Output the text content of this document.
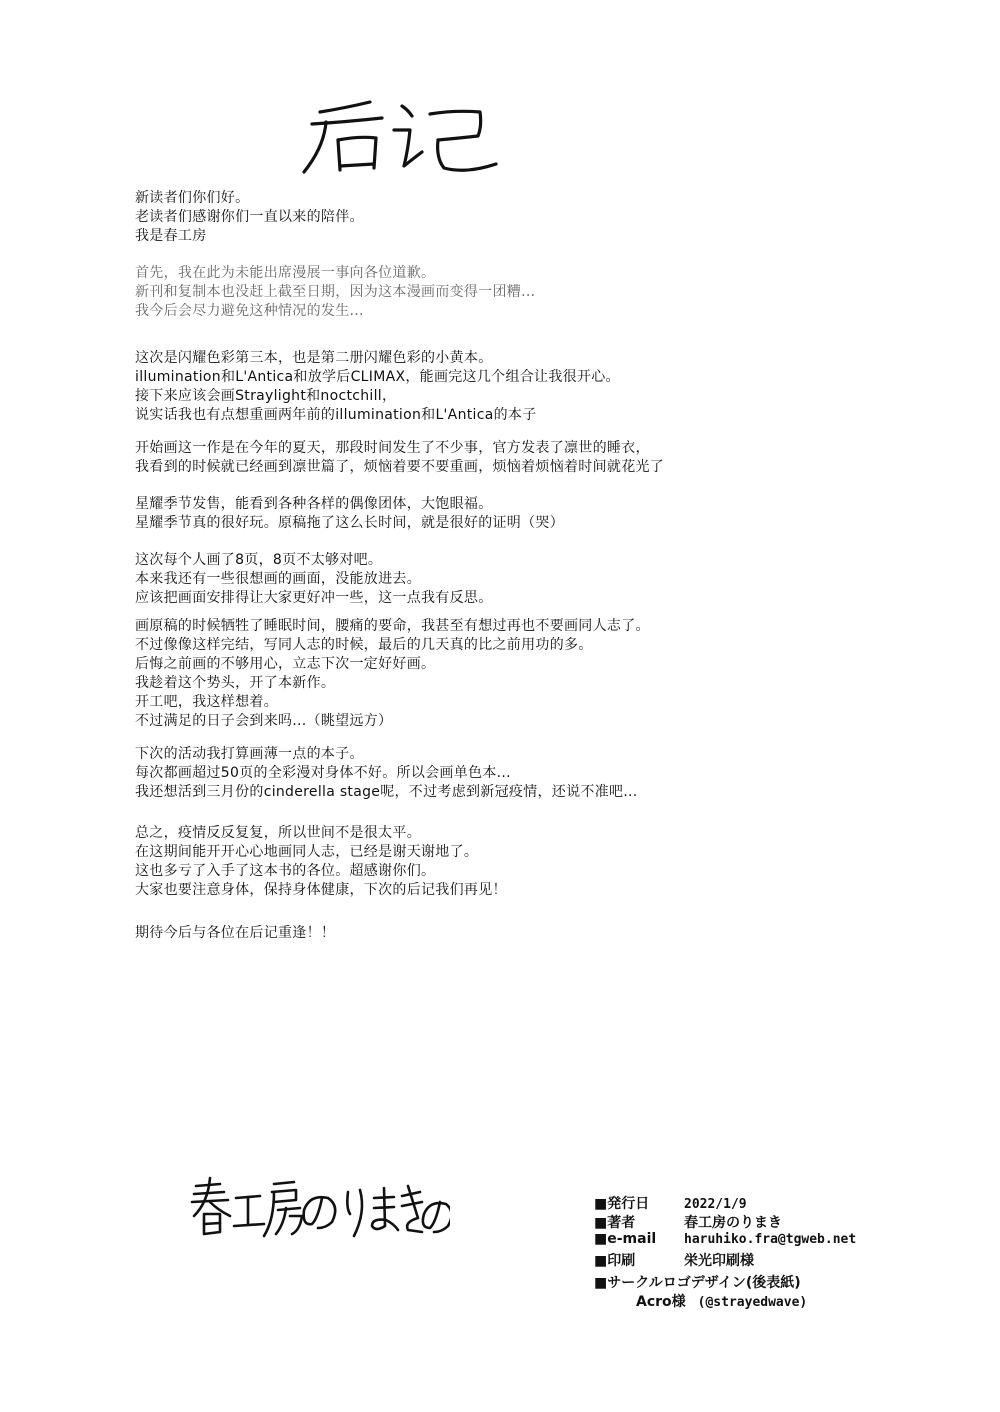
新读者们你们好。
老读者们感谢你们一直以来的陪伴。
我是春工房
首先，我在此为未能出席漫展一事向各位道歉。
新刊和复制本也没赶上截至日期，因为这本漫画而变得一团糟...
我今后会尽力避免这种情况的发生...
这次是闪耀色彩第三本，也是第二册闪耀色彩的小黄本。
illumination和L'Antica和放学后CLIMAX，能画完这几个组合让我很开心。
接下来应该会画Straylight和noctchill，
说实话我也有点想重画两年前的illumination和L'Antica的本子
开始画这一作是在今年的夏天，那段时间发生了不少事，官方发表了凛世的睡衣，
我看到的时候就已经画到凛世篇了，烦恼着要不要重画，烦恼着烦恼着时间就花光了
星耀季节发售，能看到各种各样的偶像团体，大饱眼福。
星耀季节真的很好玩。原稿拖了这么长时间，就是很好的证明（哭）
这次每个人画了8页，8页不太够对吧。
本来我还有一些很想画的画面，没能放进去。
应该把画面安排得让大家更好冲一些，这一点我有反思。
画原稿的时候牺牲了睡眠时间，腰痛的要命，我甚至有想过再也不要画同人志了。
不过像像这样完结，写同人志的时候，最后的几天真的比之前用功的多。
后悔之前画的不够用心，立志下次一定好好画。
我趁着这个势头，开了本新作。
开工吧，我这样想着。
不过满足的日子会到来吗...（眺望远方）
下次的活动我打算画薄一点的本子。
每次都画超过50页的全彩漫对身体不好。所以会画单色本...
我还想活到三月份的cinderella stage呢，不过考虑到新冠疫情，还说不准吧...
总之，疫情反反复复，所以世间不是很太平。
在这期间能开开心心地画同人志，已经是谢天谢地了。
这也多亏了入手了这本书的各位。超感谢你们。
大家也要注意身体，保持身体健康，下次的后记我们再见！
期待今后与各位在后记重逢！！
■発行日	2022/1/9
■著者	春工房のりまき
■e-mail	haruhiko.fra@tgweb.net
■印刷	栄光印刷様
■サークルロゴデザイン(後表紙)
Acro様 (@strayedwave)
